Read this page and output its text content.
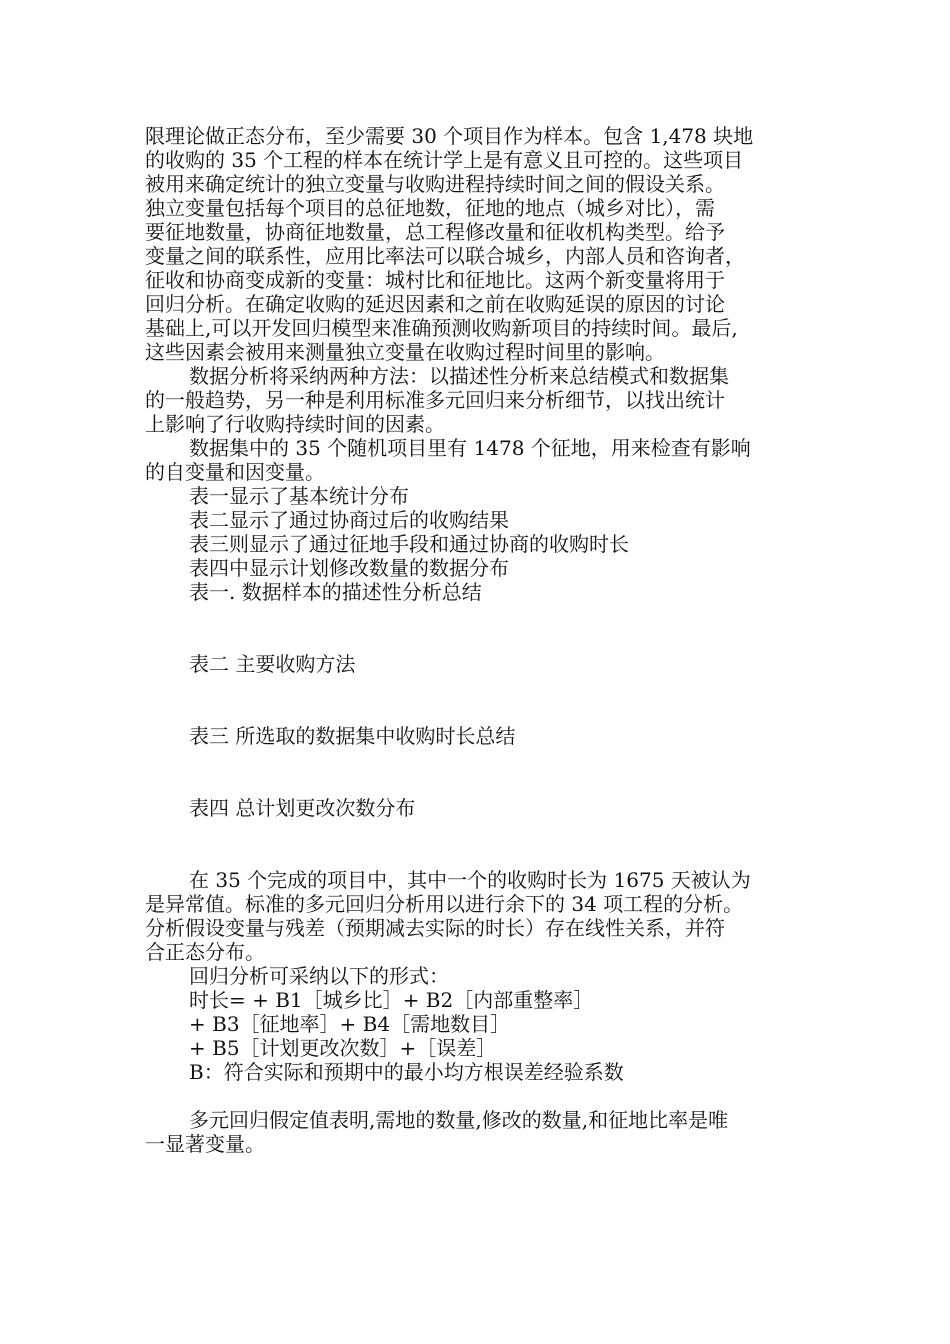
限理论做正态分布，至少需要 30 个项目作为样本。包含 1,478 块地
的收购的 35 个工程的样本在统计学上是有意义且可控的。这些项目
被用来确定统计的独立变量与收购进程持续时间之间的假设关系。
独立变量包括每个项目的总征地数，征地的地点（城乡对比），需
要征地数量，协商征地数量，总工程修改量和征收机构类型。给予
变量之间的联系性，应用比率法可以联合城乡，内部人员和咨询者，
征收和协商变成新的变量：城村比和征地比。这两个新变量将用于
回归分析。在确定收购的延迟因素和之前在收购延误的原因的讨论
基础上,可以开发回归模型来准确预测收购新项目的持续时间。最后,
这些因素会被用来测量独立变量在收购过程时间里的影响。
数据分析将采纳两种方法：以描述性分析来总结模式和数据集
的一般趋势，另一种是利用标准多元回归来分析细节，以找出统计
上影响了行收购持续时间的因素。
数据集中的 35 个随机项目里有 1478 个征地，用来检查有影响
的自变量和因变量。
表一显示了基本统计分布
表二显示了通过协商过后的收购结果
表三则显示了通过征地手段和通过协商的收购时长
表四中显示计划修改数量的数据分布
表一. 数据样本的描述性分析总结
表二 主要收购方法
表三 所选取的数据集中收购时长总结
表四 总计划更改次数分布
在 35 个完成的项目中，其中一个的收购时长为 1675 天被认为
是异常值。标准的多元回归分析用以进行余下的 34 项工程的分析。
分析假设变量与残差（预期减去实际的时长）存在线性关系，并符
合正态分布。
回归分析可采纳以下的形式：
时长= + B1［城乡比］+ B2［内部重整率］
+ B3［征地率］+ B4［需地数目］
+ B5［计划更改次数］+［误差］
B：符合实际和预期中的最小均方根误差经验系数
多元回归假定值表明,需地的数量,修改的数量,和征地比率是唯
一显著变量。
